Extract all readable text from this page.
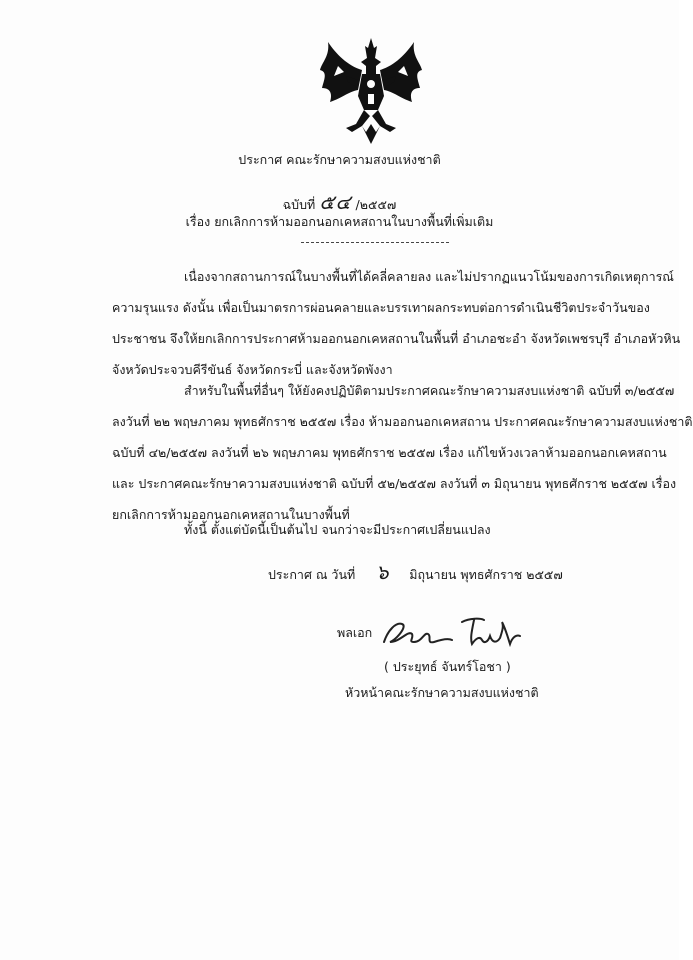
ประกาศ คณะรักษาความสงบแห่งชาติ
ฉบับที่ ๕๔ /๒๕๕๗
เรื่อง ยกเลิกการห้ามออกนอกเคหสถานในบางพื้นที่เพิ่มเติม
เนื่องจากสถานการณ์ในบางพื้นที่ได้คลี่คลายลง และไม่ปรากฏแนวโน้มของการเกิดเหตุการณ์
ความรุนแรง ดังนั้น เพื่อเป็นมาตรการผ่อนคลายและบรรเทาผลกระทบต่อการดำเนินชีวิตประจำวันของ
ประชาชน จึงให้ยกเลิกการประกาศห้ามออกนอกเคหสถานในพื้นที่ อำเภอชะอำ จังหวัดเพชรบุรี อำเภอหัวหิน
จังหวัดประจวบคีรีขันธ์ จังหวัดกระบี่ และจังหวัดพังงา
สำหรับในพื้นที่อื่นๆ ให้ยังคงปฏิบัติตามประกาศคณะรักษาความสงบแห่งชาติ ฉบับที่ ๓/๒๕๕๗
ลงวันที่ ๒๒ พฤษภาคม พุทธศักราช ๒๕๕๗ เรื่อง ห้ามออกนอกเคหสถาน ประกาศคณะรักษาความสงบแห่งชาติ
ฉบับที่ ๔๒/๒๕๕๗ ลงวันที่ ๒๖ พฤษภาคม พุทธศักราช ๒๕๕๗ เรื่อง แก้ไขห้วงเวลาห้ามออกนอกเคหสถาน
และ ประกาศคณะรักษาความสงบแห่งชาติ ฉบับที่ ๕๒/๒๕๕๗ ลงวันที่ ๓ มิถุนายน พุทธศักราช ๒๕๕๗ เรื่อง
ยกเลิกการห้ามออกนอกเคหสถานในบางพื้นที่
ทั้งนี้ ตั้งแต่บัดนี้เป็นต้นไป จนกว่าจะมีประกาศเปลี่ยนแปลง
ประกาศ ณ วันที่ ๖ มิถุนายน พุทธศักราช ๒๕๕๗
พลเอก
( ประยุทธ์ จันทร์โอชา )
หัวหน้าคณะรักษาความสงบแห่งชาติ
